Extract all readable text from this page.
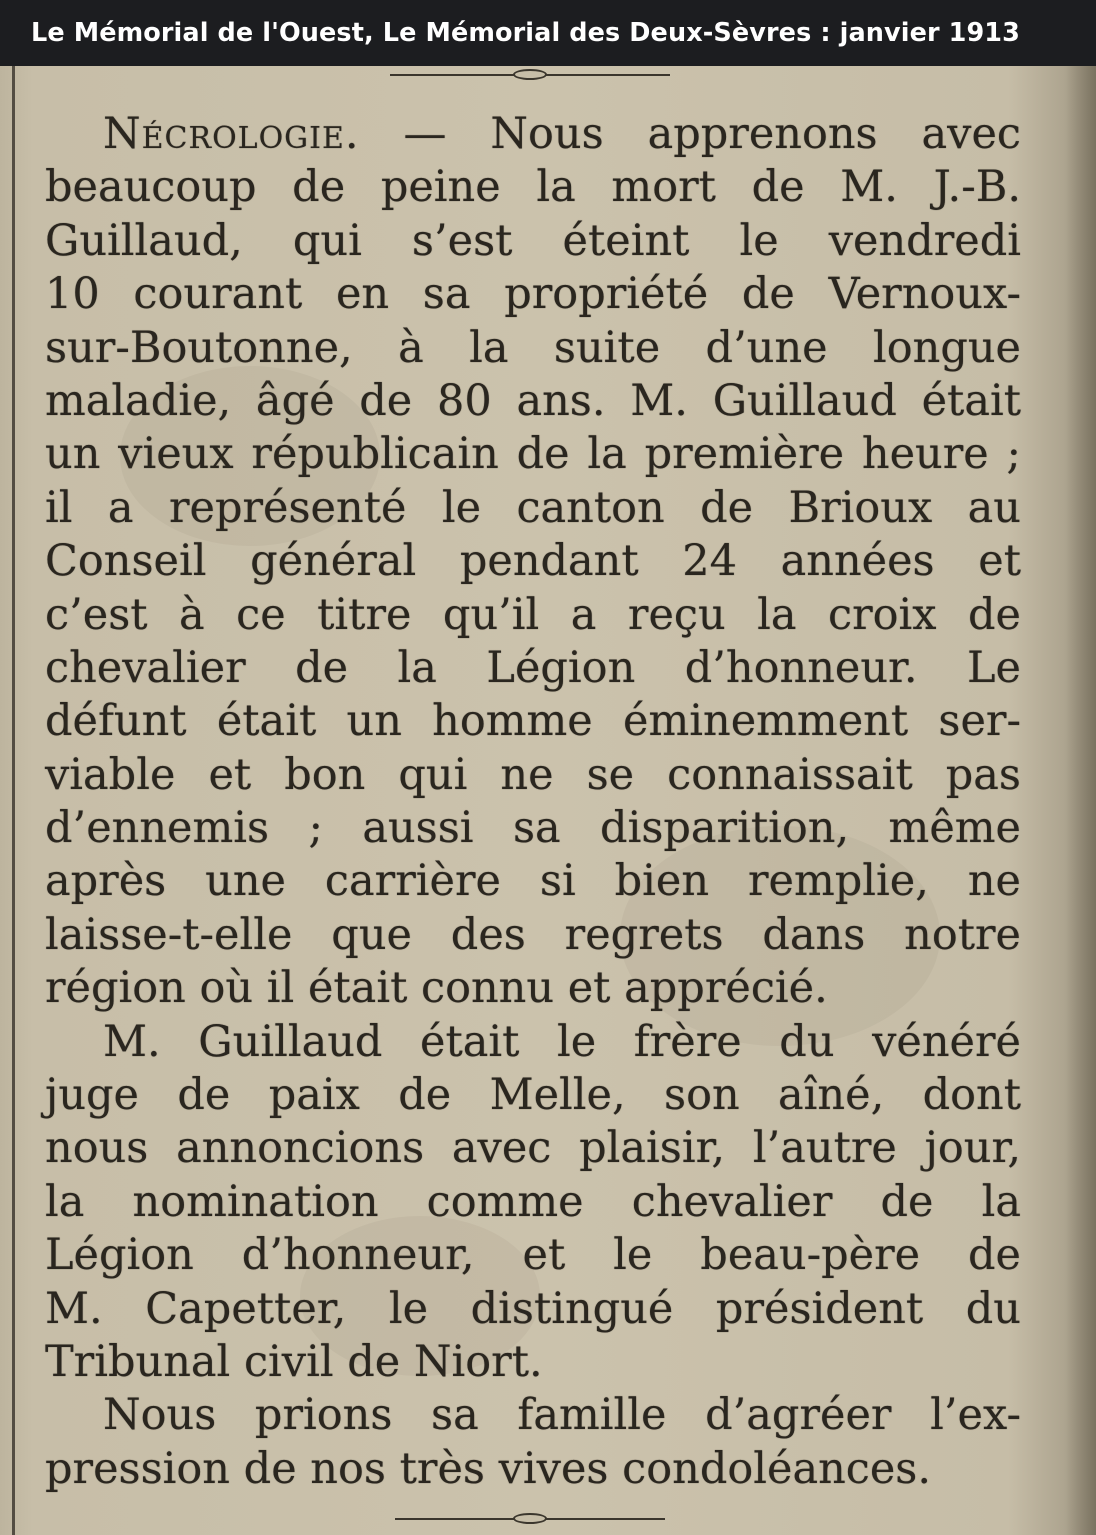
Le Mémorial de l'Ouest, Le Mémorial des Deux-Sèvres : janvier 1913
Nécrologie. — Nous apprenons avec
beaucoup de peine la mort de M. J.-B.
Guillaud, qui s’est éteint le vendredi
10 courant en sa propriété de Vernoux-
sur-Boutonne, à la suite d’une longue
maladie, âgé de 80 ans. M. Guillaud était
un vieux républicain de la première heure ;
il a représenté le canton de Brioux au
Conseil général pendant 24 années et
c’est à ce titre qu’il a reçu la croix de
chevalier de la Légion d’honneur. Le
défunt était un homme éminemment ser-
viable et bon qui ne se connaissait pas
d’ennemis ; aussi sa disparition, même
après une carrière si bien remplie, ne
laisse-t-elle que des regrets dans notre
région où il était connu et apprécié.
M. Guillaud était le frère du vénéré
juge de paix de Melle, son aîné, dont
nous annoncions avec plaisir, l’autre jour,
la nomination comme chevalier de la
Légion d’honneur, et le beau-père de
M. Capetter, le distingué président du
Tribunal civil de Niort.
Nous prions sa famille d’agréer l’ex-
pression de nos très vives condoléances.
